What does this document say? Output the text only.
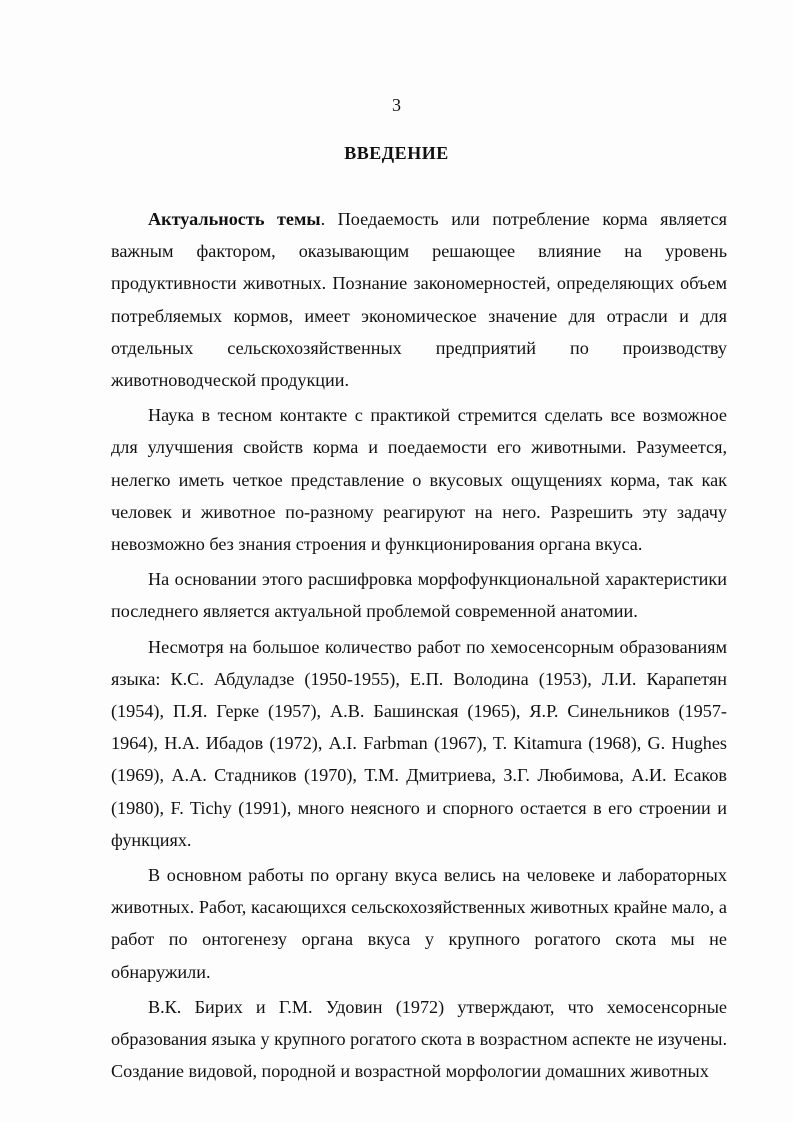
3
ВВЕДЕНИЕ

Актуальность темы. Поедаемость или потребление корма является важным фактором, оказывающим решающее влияние на уровень продуктивности животных. Познание закономерностей, определяющих объем потребляемых кормов, имеет экономическое значение для отрасли и для отдельных сельскохозяйственных предприятий по производству животноводческой продукции.

Наука в тесном контакте с практикой стремится сделать все возможное для улучшения свойств корма и поедаемости его животными. Разумеется, нелегко иметь четкое представление о вкусовых ощущениях корма, так как человек и животное по-разному реагируют на него. Разрешить эту задачу невозможно без знания строения и функционирования органа вкуса.

На основании этого расшифровка морфофункциональной характеристики последнего является актуальной проблемой современной анатомии.

Несмотря на большое количество работ по хемосенсорным образованиям языка: К.С. Абдуладзе (1950-1955), Е.П. Володина (1953), Л.И. Карапетян (1954), П.Я. Герке (1957), А.В. Башинская (1965), Я.Р. Синельников (1957-1964), Н.А. Ибадов (1972), A.I. Farbman (1967), T. Kitamura (1968), G. Hughes (1969), А.А. Стадников (1970), Т.М. Дмитриева, З.Г. Любимова, А.И. Есаков (1980), F. Tichy (1991), много неясного и спорного остается в его строении и функциях.

В основном работы по органу вкуса велись на человеке и лабораторных животных. Работ, касающихся сельскохозяйственных животных крайне мало, а работ по онтогенезу органа вкуса у крупного рогатого скота мы не обнаружили.

В.К. Бирих и Г.М. Удовин (1972) утверждают, что хемосенсорные образования языка у крупного рогатого скота в возрастном аспекте не изучены. Создание видовой, породной и возрастной морфологии домашних животных
